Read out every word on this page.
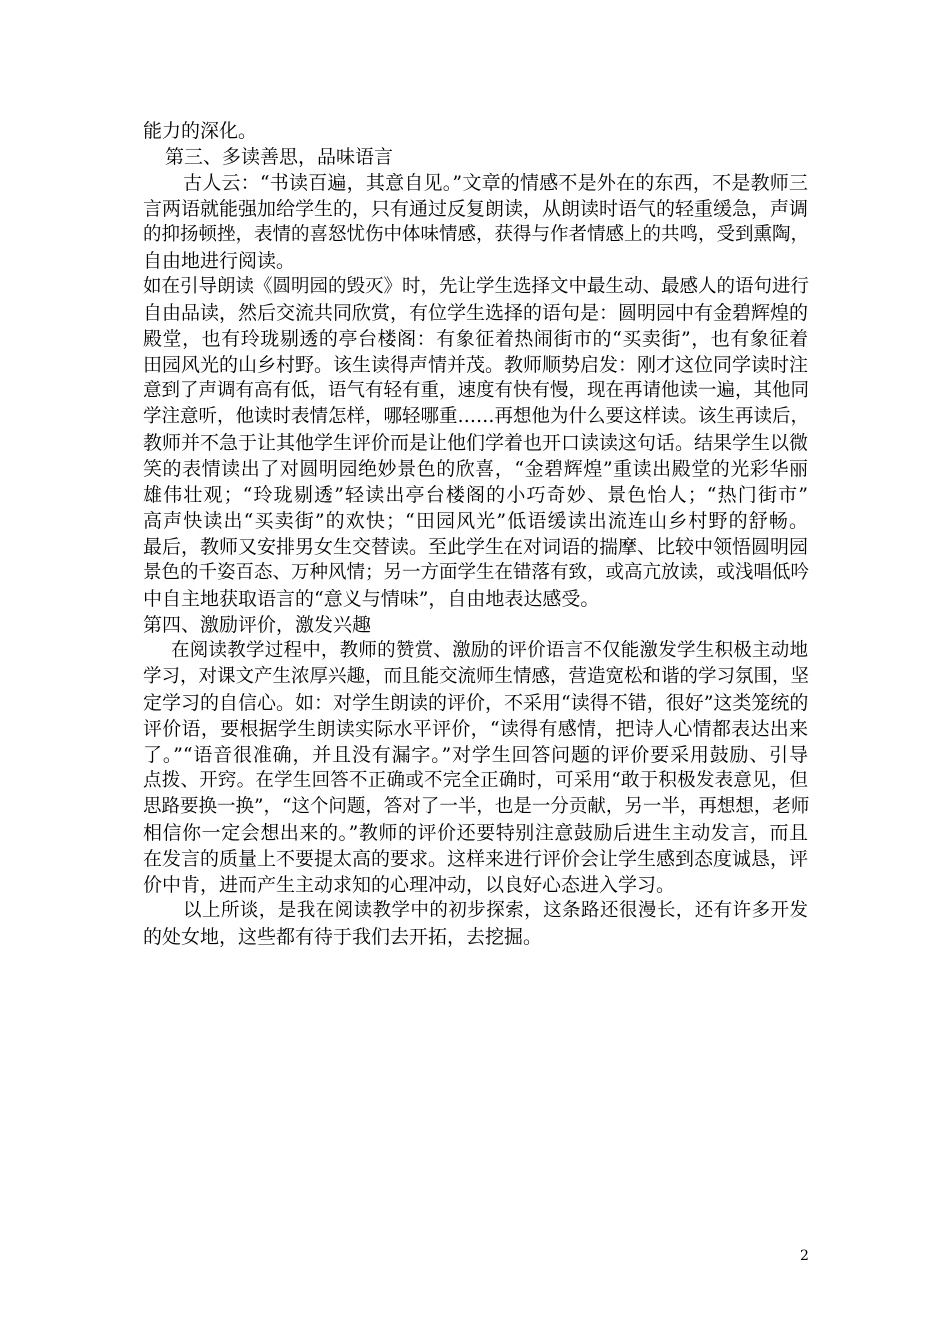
能力的深化。
第三、多读善思，品味语言
古人云：“书读百遍，其意自见。”文章的情感不是外在的东西，不是教师三
言两语就能强加给学生的，只有通过反复朗读，从朗读时语气的轻重缓急，声调
的抑扬顿挫，表情的喜怒忧伤中体味情感，获得与作者情感上的共鸣，受到熏陶，
自由地进行阅读。
如在引导朗读《圆明园的毁灭》时，先让学生选择文中最生动、最感人的语句进行
自由品读，然后交流共同欣赏，有位学生选择的语句是：圆明园中有金碧辉煌的
殿堂，也有玲珑剔透的亭台楼阁：有象征着热闹街市的“买卖街”，也有象征着
田园风光的山乡村野。该生读得声情并茂。教师顺势启发：刚才这位同学读时注
意到了声调有高有低，语气有轻有重，速度有快有慢，现在再请他读一遍，其他同
学注意听，他读时表情怎样，哪轻哪重……再想他为什么要这样读。该生再读后，
教师并不急于让其他学生评价而是让他们学着也开口读读这句话。结果学生以微
笑的表情读出了对圆明园绝妙景色的欣喜，“金碧辉煌”重读出殿堂的光彩华丽
雄伟壮观；“玲珑剔透”轻读出亭台楼阁的小巧奇妙、景色怡人；“热门街市”
高声快读出“买卖街”的欢快；“田园风光”低语缓读出流连山乡村野的舒畅。
最后，教师又安排男女生交替读。至此学生在对词语的揣摩、比较中领悟圆明园
景色的千姿百态、万种风情；另一方面学生在错落有致，或高亢放读，或浅唱低吟
中自主地获取语言的“意义与情味”，自由地表达感受。
第四、激励评价，激发兴趣
在阅读教学过程中，教师的赞赏、激励的评价语言不仅能激发学生积极主动地
学习，对课文产生浓厚兴趣，而且能交流师生情感，营造宽松和谐的学习氛围，坚
定学习的自信心。如：对学生朗读的评价，不采用“读得不错，很好”这类笼统的
评价语，要根据学生朗读实际水平评价，“读得有感情，把诗人心情都表达出来
了。”“语音很准确，并且没有漏字。”对学生回答问题的评价要采用鼓励、引导
点拨、开窍。在学生回答不正确或不完全正确时，可采用“敢于积极发表意见，但
思路要换一换”，“这个问题，答对了一半，也是一分贡献，另一半，再想想，老师
相信你一定会想出来的。”教师的评价还要特别注意鼓励后进生主动发言，而且
在发言的质量上不要提太高的要求。这样来进行评价会让学生感到态度诚恳，评
价中肯，进而产生主动求知的心理冲动，以良好心态进入学习。
以上所谈，是我在阅读教学中的初步探索，这条路还很漫长，还有许多开发
的处女地，这些都有待于我们去开拓，去挖掘。
2
